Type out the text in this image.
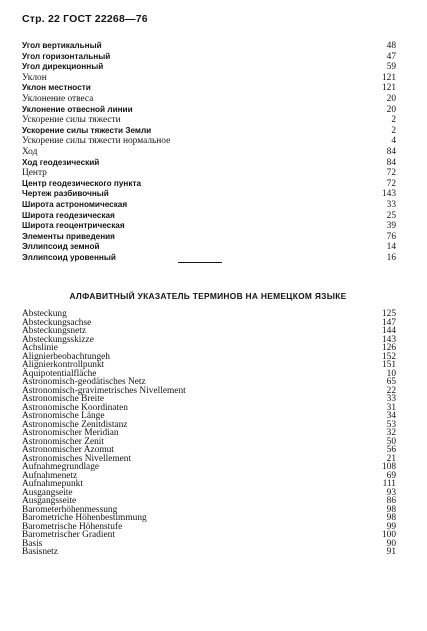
Стр. 22 ГОСТ 22268—76
Угол вертикальный	48
Угол горизонтальный	47
Угол дирекционный	59
Уклон	121
Уклон местности	121
Уклонение отвеса	20
Уклонение отвесной линии	20
Ускорение силы тяжести	2
Ускорение силы тяжести Земли	2
Ускорение силы тяжести нормальное	4
Ход	84
Ход геодезический	84
Центр	72
Центр геодезического пункта	72
Чертеж разбивочный	143
Широта астрономическая	33
Широта геодезическая	25
Широта геоцентрическая	39
Элементы приведения	76
Эллипсоид земной	14
Эллипсоид уровенный	16
АЛФАВИТНЫЙ УКАЗАТЕЛЬ ТЕРМИНОВ НА НЕМЕЦКОМ ЯЗЫКЕ
Absteckung	125
Absteckungsachse	147
Absteckungsnetz	144
Absteckungsskizze	143
Achslinie	126
Alignierbeobachtungeh	152
Alignierkontrollpunkt	151
Äquipotentialfläche	10
Astronomisch-geodätisches Netz	65
Astronomisch-gravimetrisches Nivellement	22
Astronomische Breite	33
Astronomische Koordinaten	31
Astronomische Länge	34
Astronomische Zenitdistanz	53
Astronomischer Meridian	32
Astronomischer Zenit	50
Astronomischer Azomut	56
Astronomisches Nivellement	21
Aufnahmegrundlage	108
Aufnahmenetz	69
Aufnahmepunkt	111
Ausgangseite	93
Ausgangsseite	86
Barometerhöhenmessung	98
Barometriche Höhenbestimmung	98
Barometrische Höhenstufe	99
Barometrischer Gradient	100
Basis	90
Basisnetz	91
